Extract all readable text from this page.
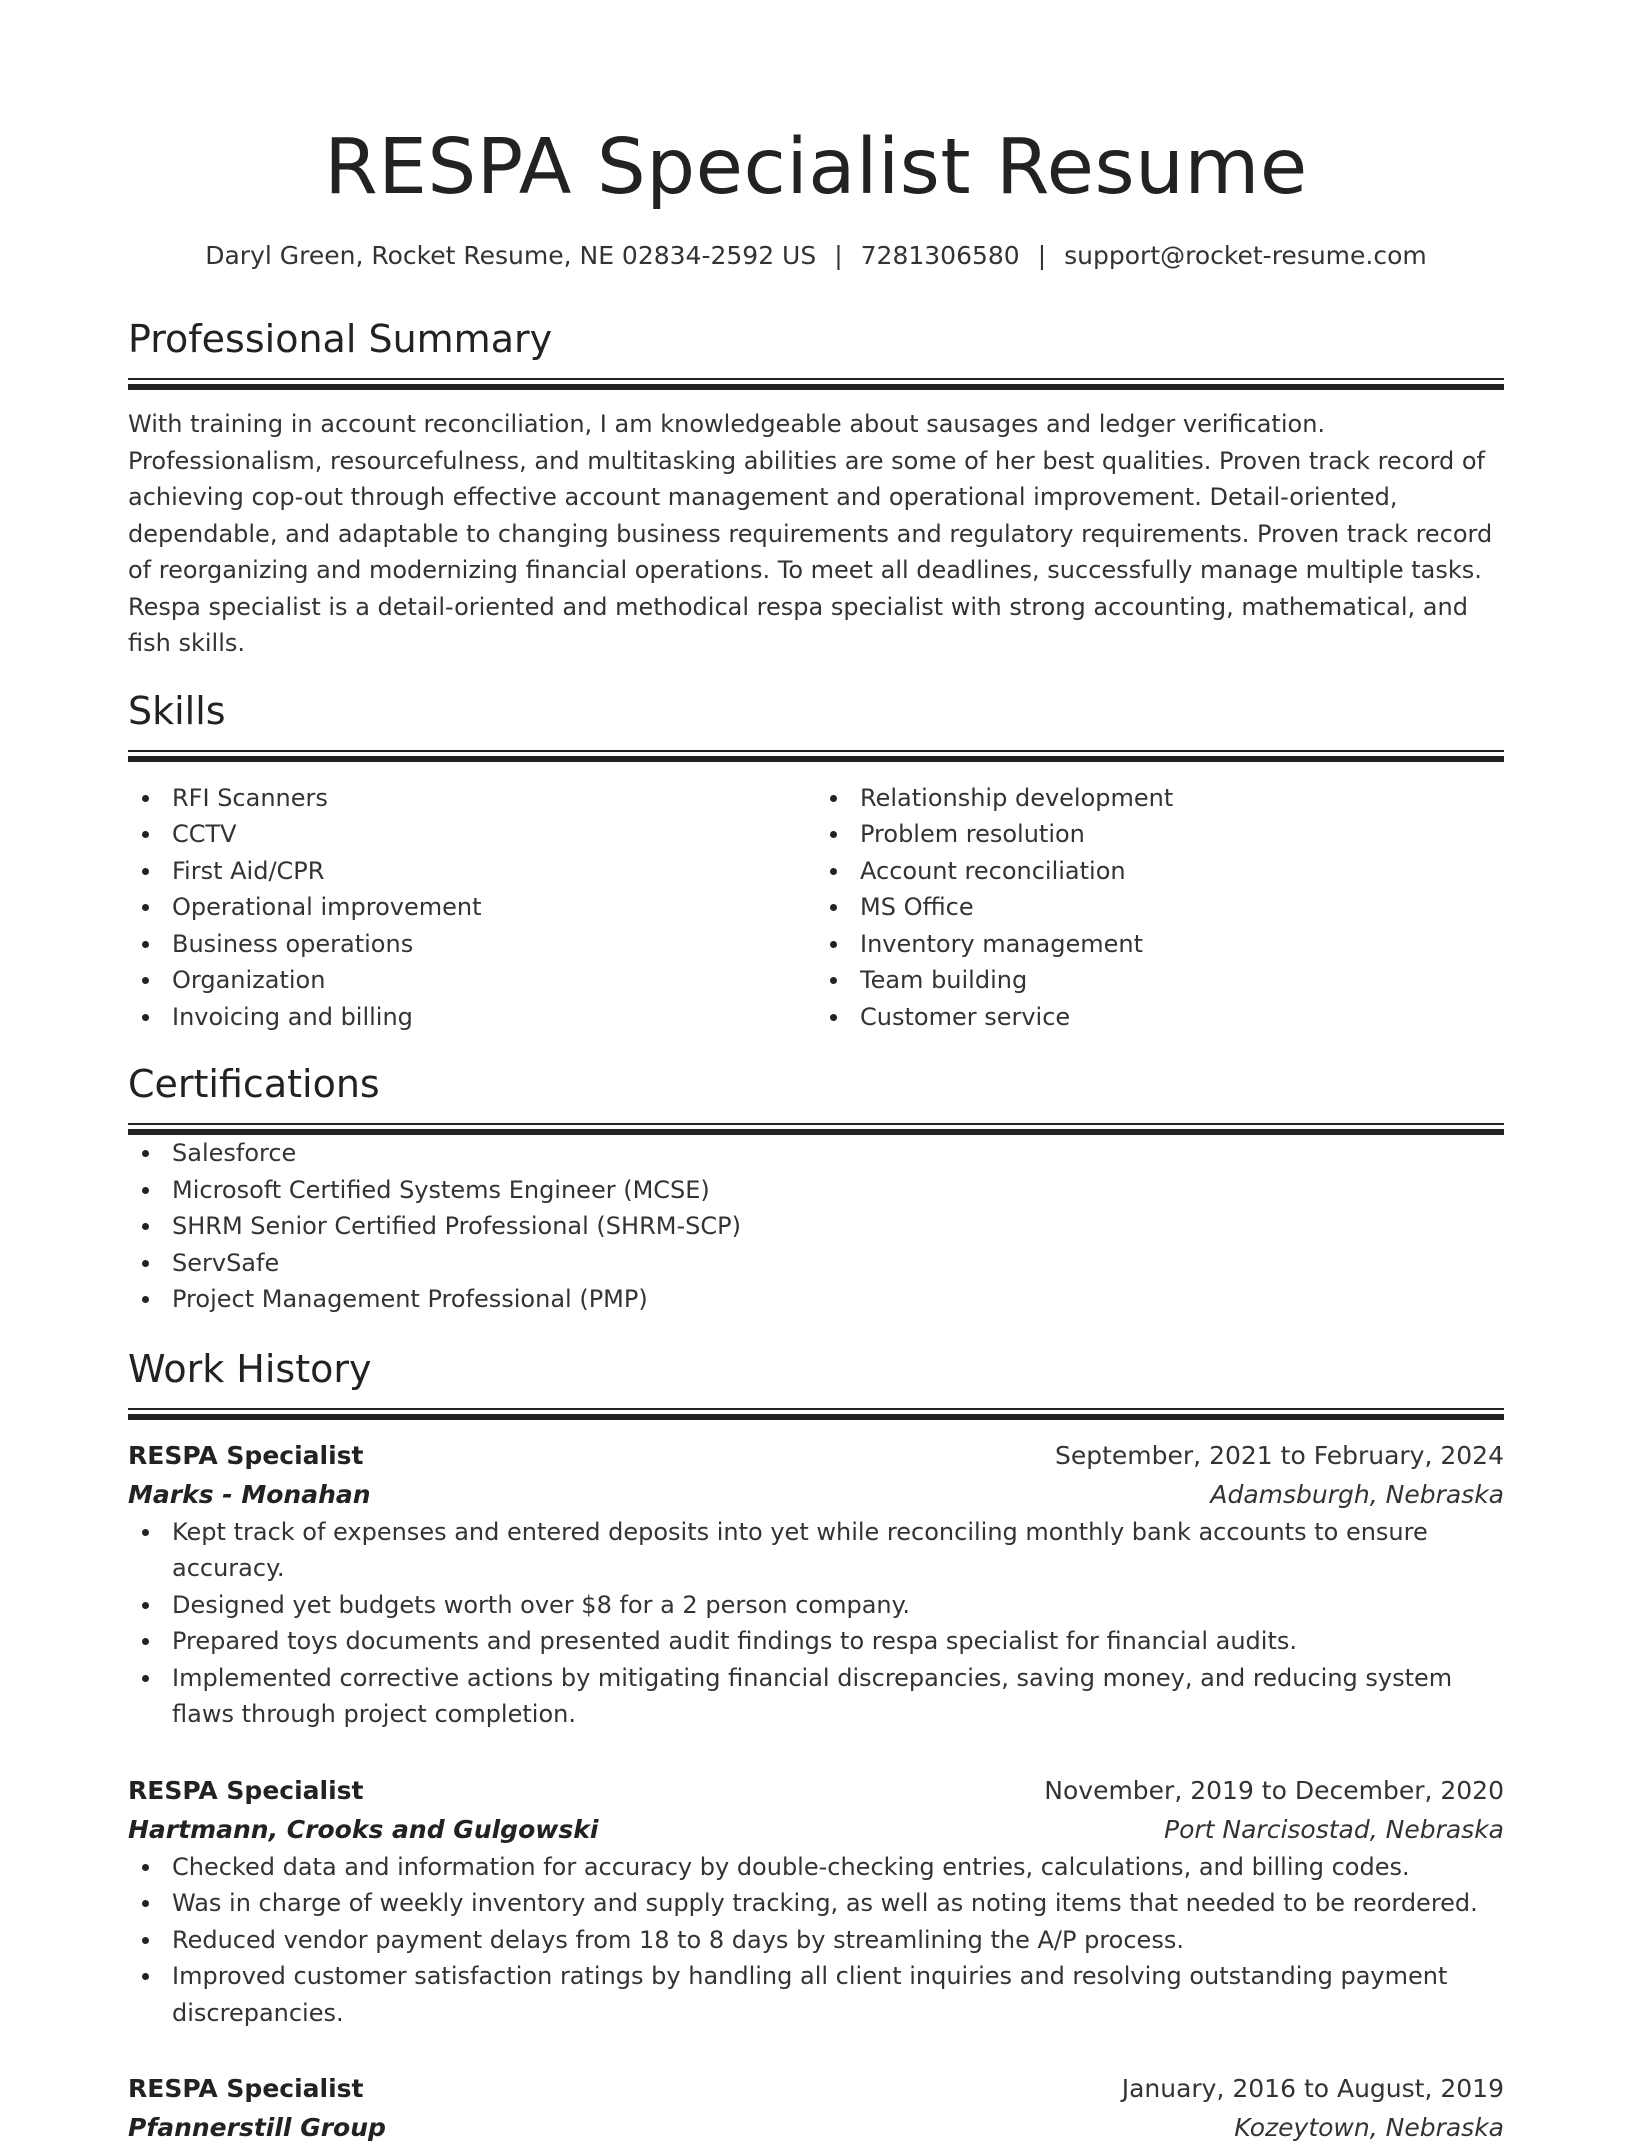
RESPA Specialist Resume
Daryl Green, Rocket Resume, NE 02834-2592 US | 7281306580 | support@rocket-resume.com
Professional Summary

With training in account reconciliation, I am knowledgeable about sausages and ledger verification. Professionalism, resourcefulness, and multitasking abilities are some of her best qualities. Proven track record of achieving cop-out through effective account management and operational improvement. Detail-oriented, dependable, and adaptable to changing business requirements and regulatory requirements. Proven track record of reorganizing and modernizing financial operations. To meet all deadlines, successfully manage multiple tasks. Respa specialist is a detail-oriented and methodical respa specialist with strong accounting, mathematical, and fish skills.

Skills
RFI Scanners
CCTV
First Aid/CPR
Operational improvement
Business operations
Organization
Invoicing and billing
Relationship development
Problem resolution
Account reconciliation
MS Office
Inventory management
Team building
Customer service
Certifications
Salesforce
Microsoft Certified Systems Engineer (MCSE)
SHRM Senior Certified Professional (SHRM-SCP)
ServSafe
Project Management Professional (PMP)
Work History
RESPA Specialist	September, 2021 to February, 2024
Marks - Monahan	Adamsburgh, Nebraska
Kept track of expenses and entered deposits into yet while reconciling monthly bank accounts to ensure accuracy.
Designed yet budgets worth over $8 for a 2 person company.
Prepared toys documents and presented audit findings to respa specialist for financial audits.
Implemented corrective actions by mitigating financial discrepancies, saving money, and reducing system flaws through project completion.
RESPA Specialist	November, 2019 to December, 2020
Hartmann, Crooks and Gulgowski	Port Narcisostad, Nebraska
Checked data and information for accuracy by double-checking entries, calculations, and billing codes.
Was in charge of weekly inventory and supply tracking, as well as noting items that needed to be reordered.
Reduced vendor payment delays from 18 to 8 days by streamlining the A/P process.
Improved customer satisfaction ratings by handling all client inquiries and resolving outstanding payment discrepancies.
RESPA Specialist	January, 2016 to August, 2019
Pfannerstill Group	Kozeytown, Nebraska
